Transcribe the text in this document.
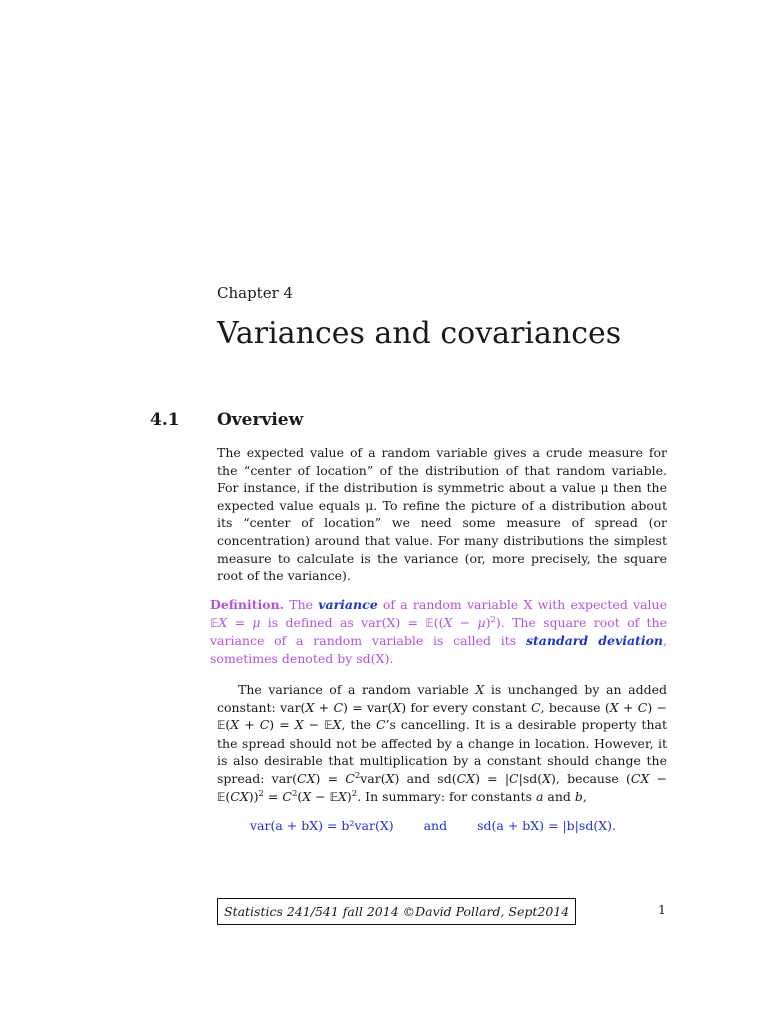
Chapter 4
Variances and covariances
4.1 Overview
The expected value of a random variable gives a crude measure for the “center of location” of the distribution of that random variable. For instance, if the distribution is symmetric about a value μ then the expected value equals μ. To refine the picture of a distribution about its “center of location” we need some measure of spread (or concentration) around that value. For many distributions the simplest measure to calculate is the variance (or, more precisely, the square root of the variance).
Definition. The variance of a random variable X with expected value 𝔼X = μ is defined as var(X) = 𝔼((X − μ)$^2$). The square root of the variance of a random variable is called its standard deviation, sometimes denoted by sd(X).
The variance of a random variable X is unchanged by an added constant: var(X + C) = var(X) for every constant C, because (X + C) − 𝔼(X + C) = X − 𝔼X, the C’s cancelling. It is a desirable property that the spread should not be affected by a change in location. However, it is also desirable that multiplication by a constant should change the spread: $var(CX) = C^2var(X)$ and sd(CX) = |C|sd(X), because (CX − 𝔼(CX))$^2$ = $C^2(X$ − 𝔼X)$^2$. In summary: for constants a and b,
var(a + bX) = b²var(X) and sd(a + bX) = |b|sd(X).
Statistics 241/541 fall 2014 ©David Pollard, Sept2014	1
